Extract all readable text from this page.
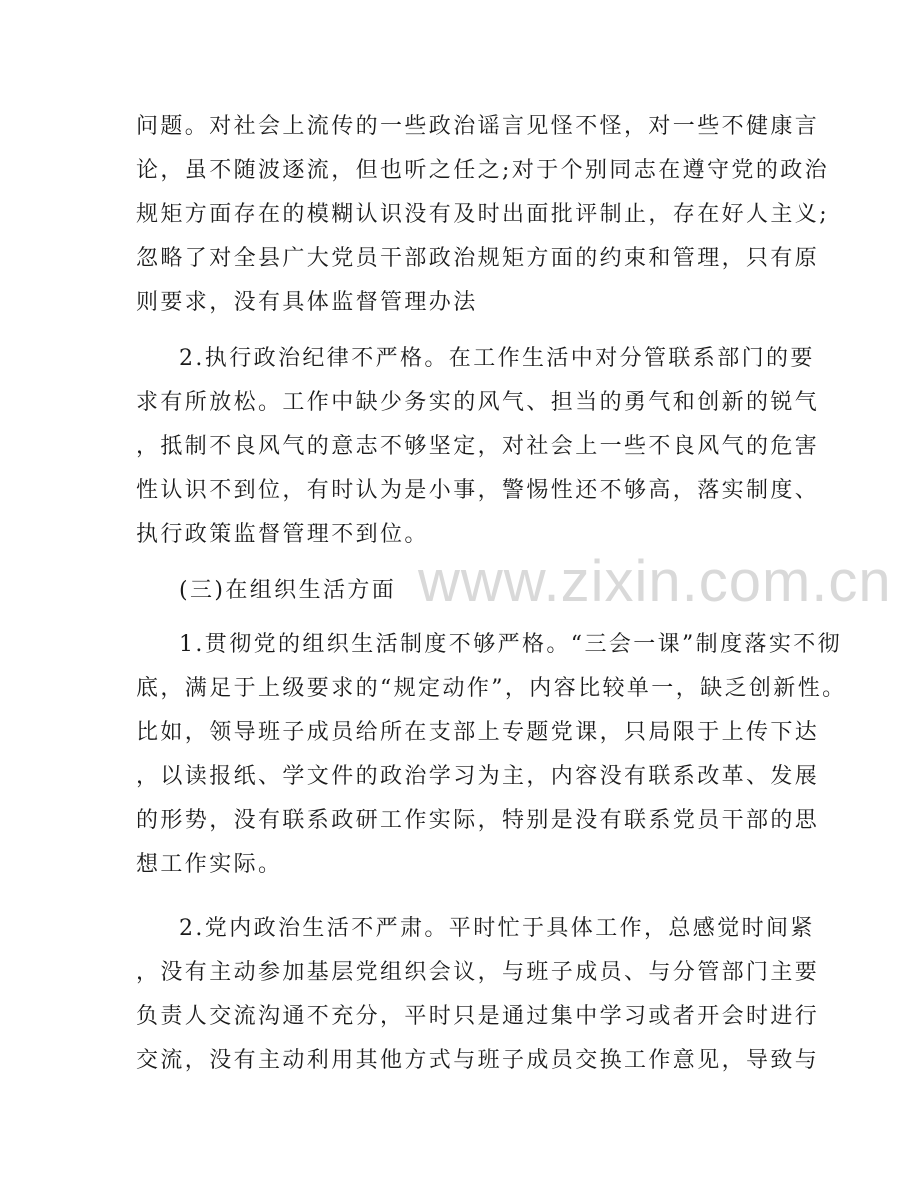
www.zixin.com.cn
问题。对社会上流传的一些政治谣言见怪不怪，对一些不健康言
论，虽不随波逐流，但也听之任之;对于个别同志在遵守党的政治
规矩方面存在的模糊认识没有及时出面批评制止，存在好人主义;
忽略了对全县广大党员干部政治规矩方面的约束和管理，只有原
则要求，没有具体监督管理办法
2.执行政治纪律不严格。在工作生活中对分管联系部门的要
求有所放松。工作中缺少务实的风气、担当的勇气和创新的锐气
，抵制不良风气的意志不够坚定，对社会上一些不良风气的危害
性认识不到位，有时认为是小事，警惕性还不够高，落实制度、
执行政策监督管理不到位。
(三)在组织生活方面
1.贯彻党的组织生活制度不够严格。“三会一课”制度落实不彻
底，满足于上级要求的“规定动作”，内容比较单一，缺乏创新性。
比如，领导班子成员给所在支部上专题党课，只局限于上传下达
，以读报纸、学文件的政治学习为主，内容没有联系改革、发展
的形势，没有联系政研工作实际，特别是没有联系党员干部的思
想工作实际。
2.党内政治生活不严肃。平时忙于具体工作，总感觉时间紧
，没有主动参加基层党组织会议，与班子成员、与分管部门主要
负责人交流沟通不充分，平时只是通过集中学习或者开会时进行
交流，没有主动利用其他方式与班子成员交换工作意见，导致与
